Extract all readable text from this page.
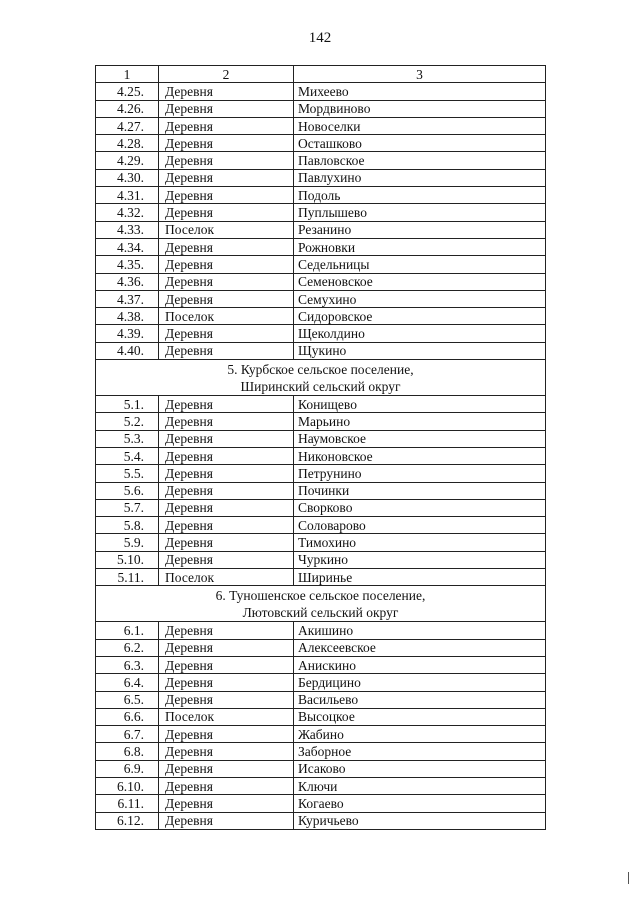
142
1	2	3
4.25.	Деревня	Михеево
4.26.	Деревня	Мордвиново
4.27.	Деревня	Новоселки
4.28.	Деревня	Осташково
4.29.	Деревня	Павловское
4.30.	Деревня	Павлухино
4.31.	Деревня	Подоль
4.32.	Деревня	Пуплышево
4.33.	Поселок	Резанино
4.34.	Деревня	Рожновки
4.35.	Деревня	Седельницы
4.36.	Деревня	Семеновское
4.37.	Деревня	Семухино
4.38.	Поселок	Сидоровское
4.39.	Деревня	Щеколдино
4.40.	Деревня	Щукино

5. Курбское сельское поселение,
Ширинский сельский округ		

5.1.	Деревня	Конищево
5.2.	Деревня	Марьино
5.3.	Деревня	Наумовское
5.4.	Деревня	Никоновское
5.5.	Деревня	Петрунино
5.6.	Деревня	Починки
5.7.	Деревня	Сворково
5.8.	Деревня	Соловарово
5.9.	Деревня	Тимохино
5.10.	Деревня	Чуркино
5.11.	Поселок	Ширинье

6. Туношенское сельское поселение,
Лютовский сельский округ		

6.1.	Деревня	Акишино
6.2.	Деревня	Алексеевское
6.3.	Деревня	Анискино
6.4.	Деревня	Бердицино
6.5.	Деревня	Васильево
6.6.	Поселок	Высоцкое
6.7.	Деревня	Жабино
6.8.	Деревня	Заборное
6.9.	Деревня	Исаково
6.10.	Деревня	Ключи
6.11.	Деревня	Когаево
6.12.	Деревня	Куричьево
